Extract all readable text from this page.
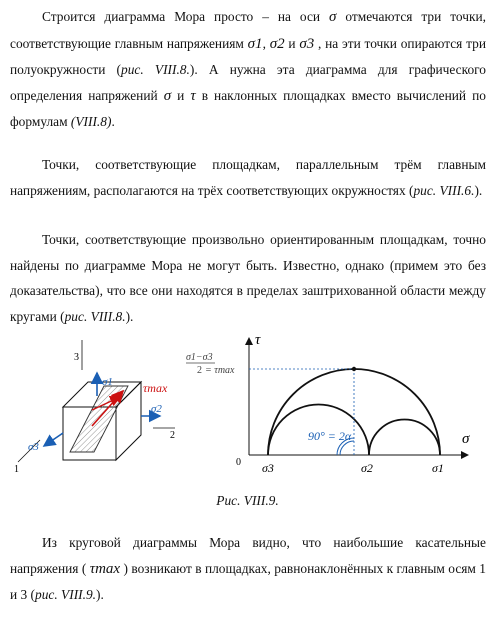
Строится диаграмма Мора просто – на оси σ отмечаются три точки, соответствующие главным напряжениям σ1, σ2 и σ3 , на эти точки опираются три полуокружности (рис. VIII.8.). А нужна эта диаграмма для графического определения напряжений σ и τ в наклонных площадках вместо вычислений по формулам (VIII.8).

Точки, соответствующие площадкам, параллельным трём главным напряжениям, располагаются на трёх соответствующих окружностях (рис. VIII.6.).

Точки, соответствующие произвольно ориентированным площадкам, точно найдены по диаграмме Мора не могут быть. Известно, однако (примем это без доказательства), что все они находятся в пределах заштрихованной области между кругами (рис. VIII.8.).

3
2
1
σ1
σ2
σ3
τmax
τ
σ
0
90° = 2α
σ1−σ3
2 = τmax
σ3	σ2	σ1
Рис. VIII.9.

Из круговой диаграммы Мора видно, что наибольшие касательные напряжения ( τmax ) возникают в площадках, равнонаклонённых к главным осям 1 и 3 (рис. VIII.9.).
